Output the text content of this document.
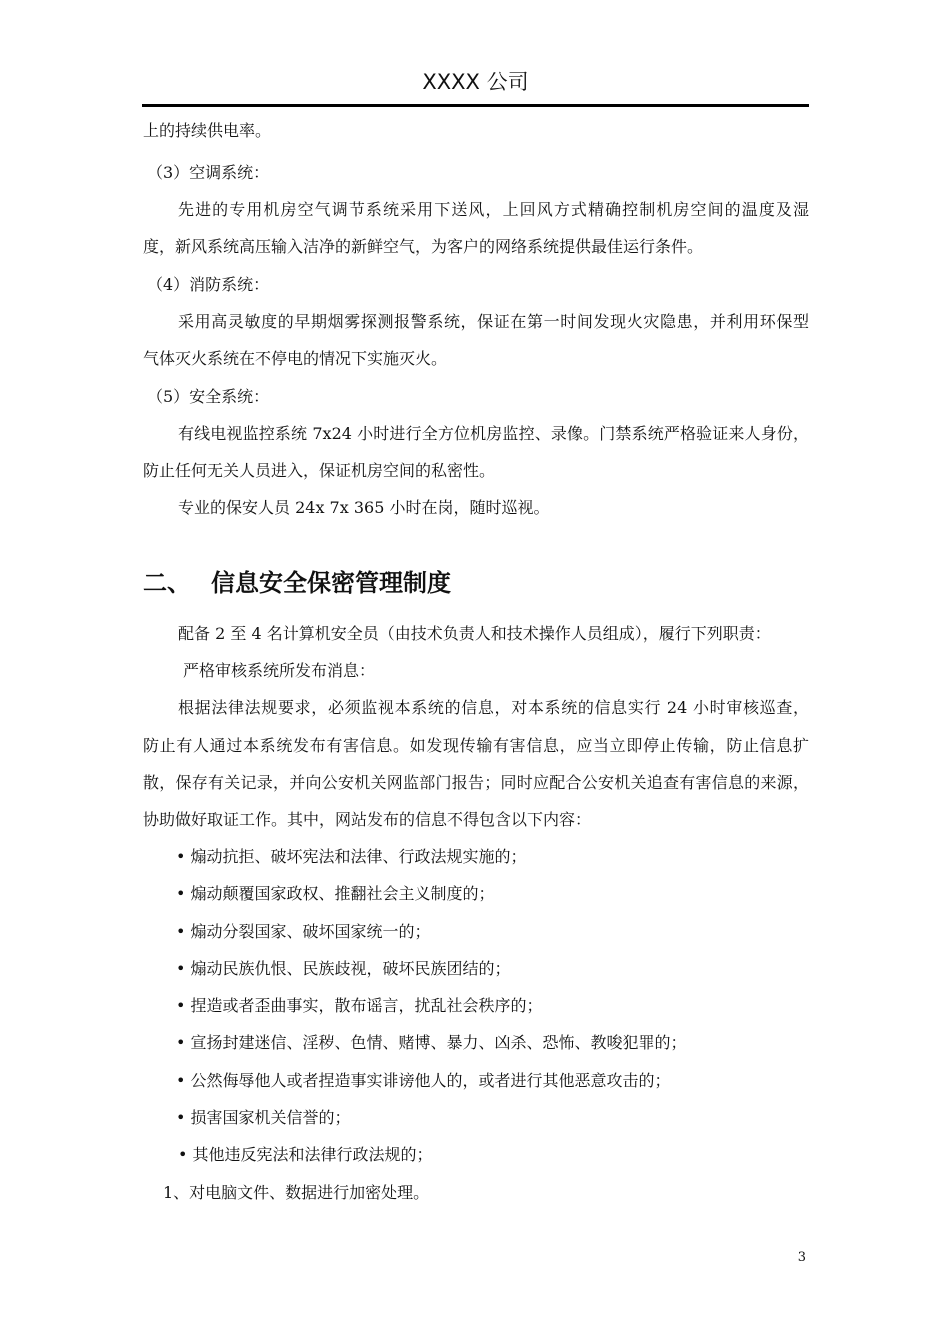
XXXX 公司
上的持续供电率。
（3）空调系统：
先进的专用机房空气调节系统采用下送风，上回风方式精确控制机房空间的温度及湿
度，新风系统高压输入洁净的新鲜空气，为客户的网络系统提供最佳运行条件。
（4）消防系统：
采用高灵敏度的早期烟雾探测报警系统，保证在第一时间发现火灾隐患，并利用环保型
气体灭火系统在不停电的情况下实施灭火。
（5）安全系统：
有线电视监控系统 7x24 小时进行全方位机房监控、录像。门禁系统严格验证来人身份，
防止任何无关人员进入，保证机房空间的私密性。
专业的保安人员 24x 7x 365 小时在岗，随时巡视。
二、 信息安全保密管理制度
配备 2 至 4 名计算机安全员（由技术负责人和技术操作人员组成），履行下列职责：
严格审核系统所发布消息：
根据法律法规要求，必须监视本系统的信息，对本系统的信息实行 24 小时审核巡查，
防止有人通过本系统发布有害信息。如发现传输有害信息，应当立即停止传输，防止信息扩
散，保存有关记录，并向公安机关网监部门报告；同时应配合公安机关追查有害信息的来源，
协助做好取证工作。其中，网站发布的信息不得包含以下内容：
• 煽动抗拒、破坏宪法和法律、行政法规实施的；
• 煽动颠覆国家政权、推翻社会主义制度的；
• 煽动分裂国家、破坏国家统一的；
• 煽动民族仇恨、民族歧视，破坏民族团结的；
• 捏造或者歪曲事实，散布谣言，扰乱社会秩序的；
• 宣扬封建迷信、淫秽、色情、赌博、暴力、凶杀、恐怖、教唆犯罪的；
• 公然侮辱他人或者捏造事实诽谤他人的，或者进行其他恶意攻击的；
• 损害国家机关信誉的；
• 其他违反宪法和法律行政法规的；
1、对电脑文件、数据进行加密处理。
3
